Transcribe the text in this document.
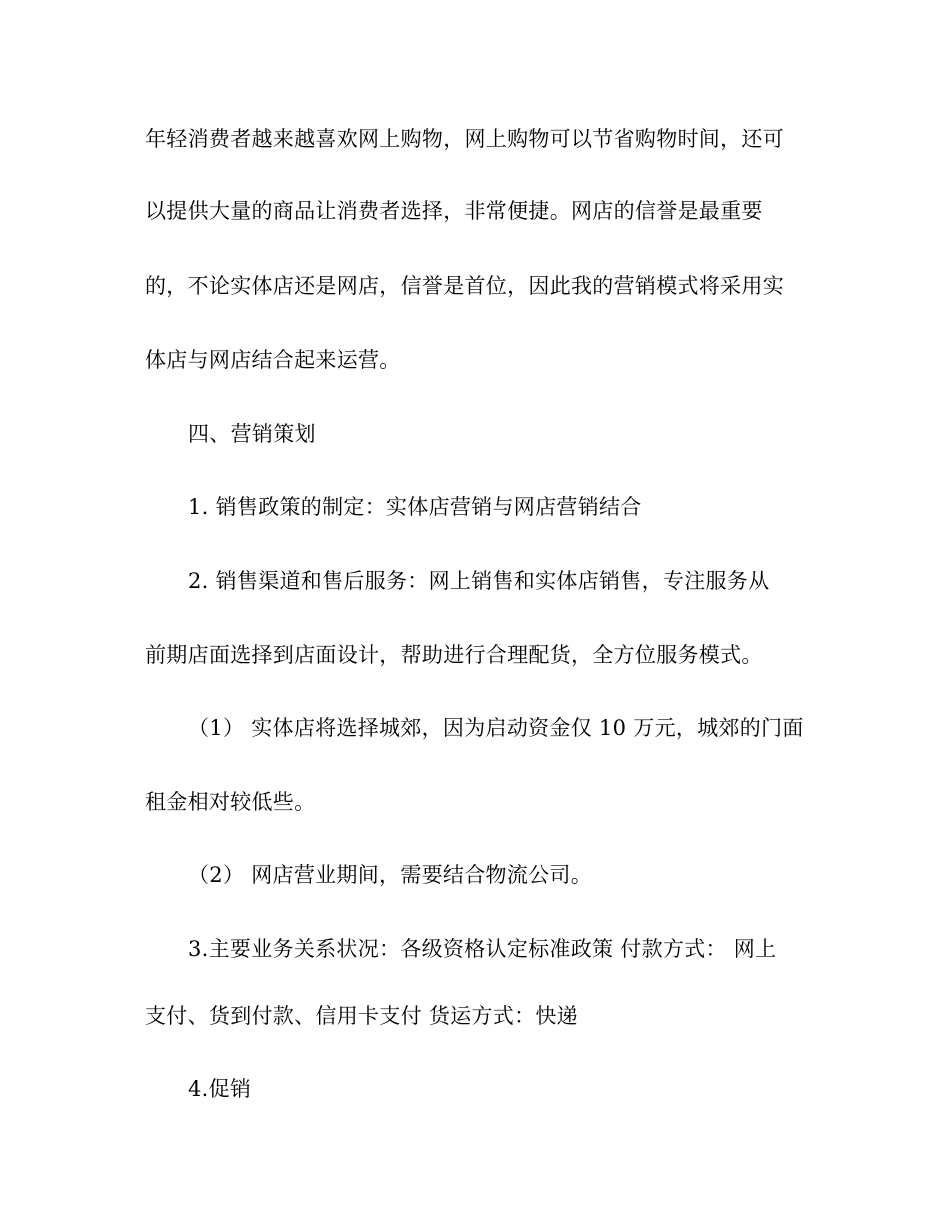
年轻消费者越来越喜欢网上购物，网上购物可以节省购物时间，还可
以提供大量的商品让消费者选择，非常便捷。网店的信誉是最重要
的，不论实体店还是网店，信誉是首位，因此我的营销模式将采用实
体店与网店结合起来运营。
四、营销策划
1. 销售政策的制定：实体店营销与网店营销结合
2. 销售渠道和售后服务：网上销售和实体店销售，专注服务从
前期店面选择到店面设计，帮助进行合理配货，全方位服务模式。
（1） 实体店将选择城郊，因为启动资金仅 10 万元，城郊的门面
租金相对较低些。
（2） 网店营业期间，需要结合物流公司。
3.主要业务关系状况：各级资格认定标准政策 付款方式： 网上
支付、货到付款、信用卡支付 货运方式：快递
4.促销
